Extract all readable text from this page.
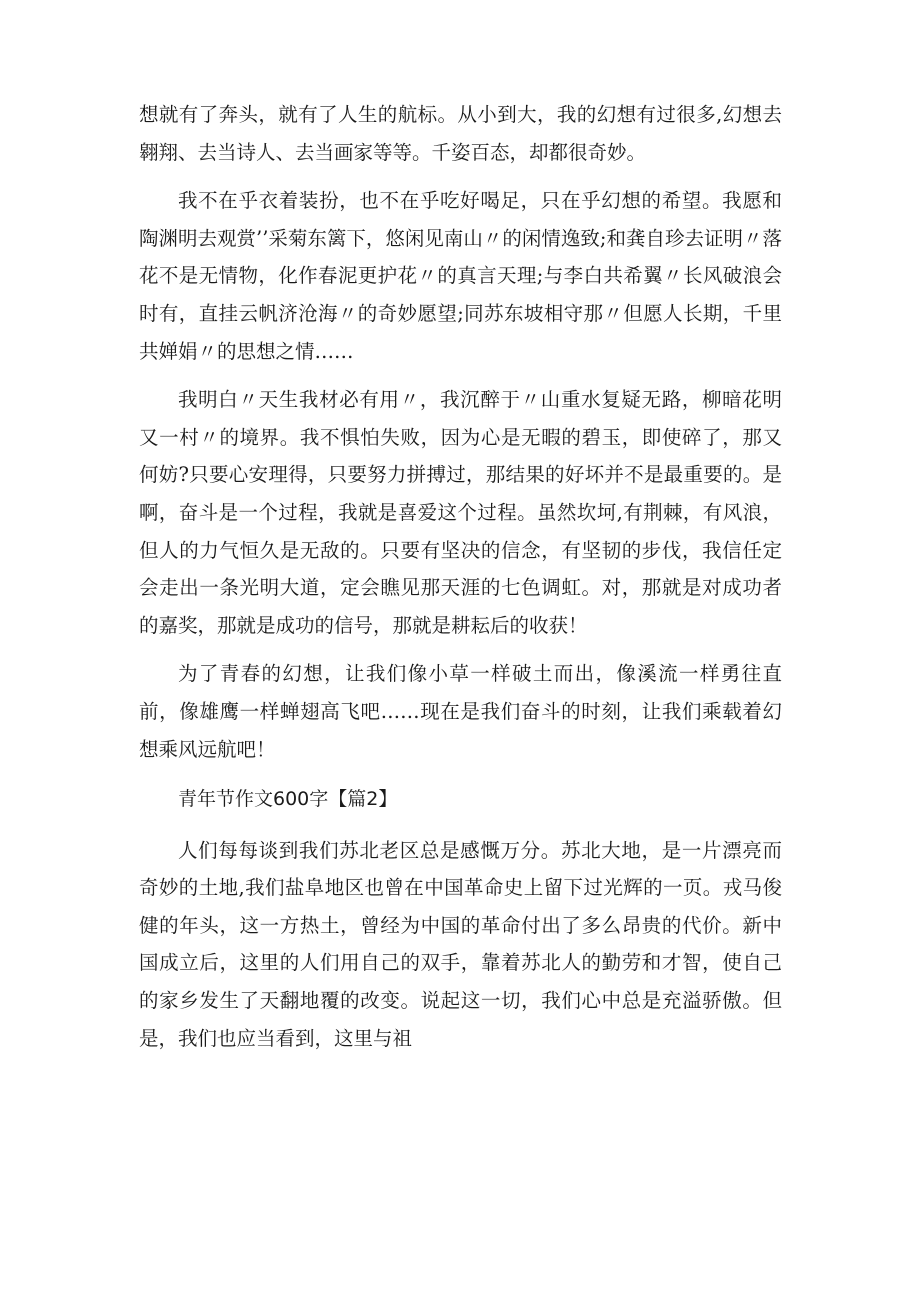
想就有了奔头，就有了人生的航标。从小到大，我的幻想有过很多,幻想去翱翔、去当诗人、去当画家等等。千姿百态，却都很奇妙。

我不在乎衣着装扮，也不在乎吃好喝足，只在乎幻想的希望。我愿和陶渊明去观赏’’采菊东篱下，悠闲见南山〃的闲情逸致;和龚自珍去证明〃落花不是无情物，化作春泥更护花〃的真言天理;与李白共希翼〃长风破浪会时有，直挂云帆济沧海〃的奇妙愿望;同苏东坡相守那〃但愿人长期，千里共婵娟〃的思想之情……

我明白〃天生我材必有用〃，我沉醉于〃山重水复疑无路，柳暗花明又一村〃的境界。我不惧怕失败，因为心是无暇的碧玉，即使碎了，那又何妨?只要心安理得，只要努力拼搏过，那结果的好坏并不是最重要的。是啊，奋斗是一个过程，我就是喜爱这个过程。虽然坎坷,有荆棘，有风浪，但人的力气恒久是无敌的。只要有坚决的信念，有坚韧的步伐，我信任定会走出一条光明大道，定会瞧见那天涯的七色调虹。对，那就是对成功者的嘉奖，那就是成功的信号，那就是耕耘后的收获！

为了青春的幻想，让我们像小草一样破土而出，像溪流一样勇往直前，像雄鹰一样蝉翅高飞吧……现在是我们奋斗的时刻，让我们乘载着幻想乘风远航吧！

青年节作文600字【篇2】

人们每每谈到我们苏北老区总是感慨万分。苏北大地，是一片漂亮而奇妙的土地,我们盐阜地区也曾在中国革命史上留下过光辉的一页。戎马俊健的年头，这一方热土，曾经为中国的革命付出了多么昂贵的代价。新中国成立后，这里的人们用自己的双手，靠着苏北人的勤劳和才智，使自己的家乡发生了天翻地覆的改变。说起这一切，我们心中总是充溢骄傲。但是，我们也应当看到，这里与祖
